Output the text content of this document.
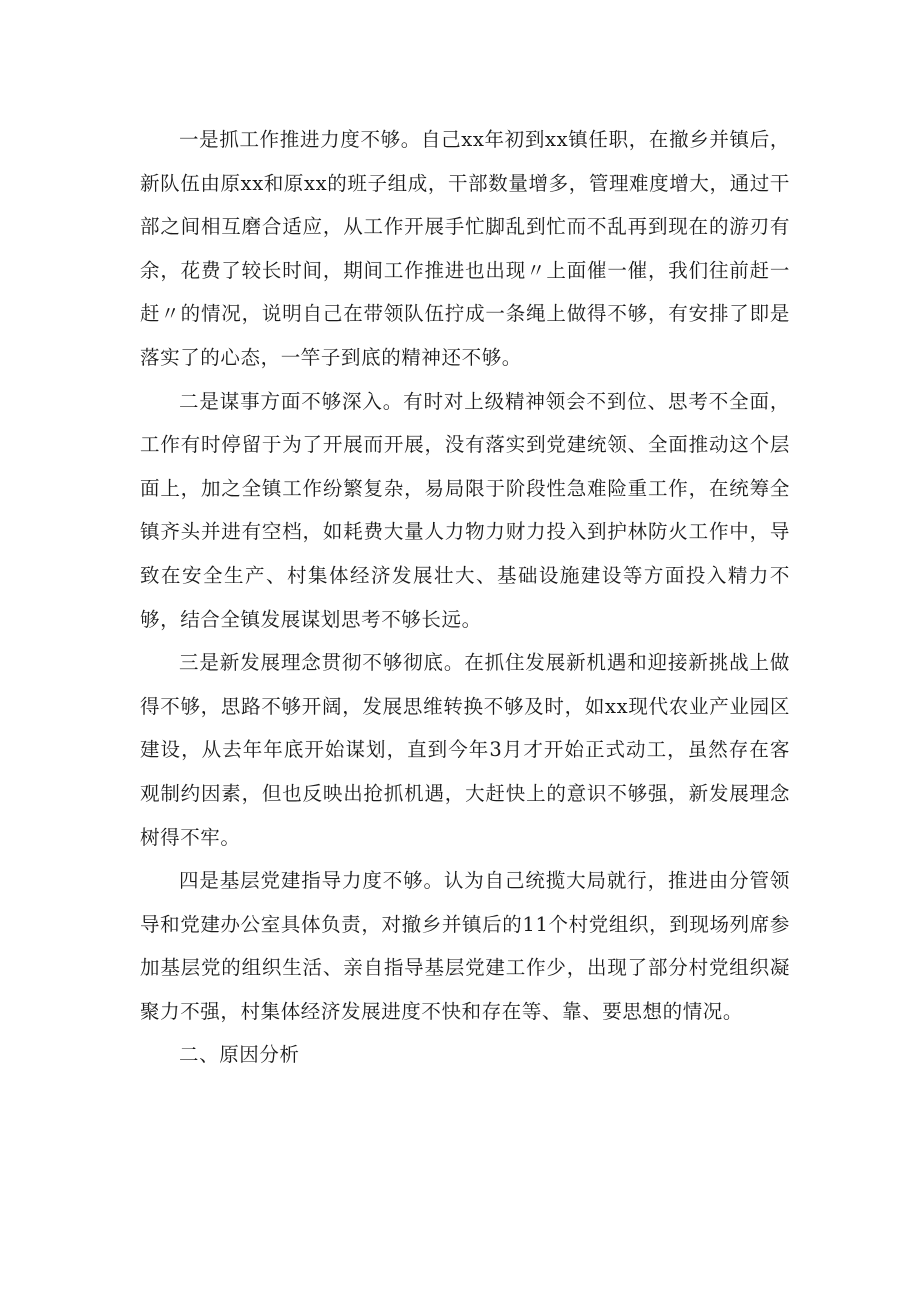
一是抓工作推进力度不够。自己xx年初到xx镇任职，在撤乡并镇后，新队伍由原xx和原xx的班子组成，干部数量增多，管理难度增大，通过干部之间相互磨合适应，从工作开展手忙脚乱到忙而不乱再到现在的游刃有余，花费了较长时间，期间工作推进也出现〃上面催一催，我们往前赶一赶〃的情况，说明自己在带领队伍拧成一条绳上做得不够，有安排了即是落实了的心态，一竿子到底的精神还不够。

二是谋事方面不够深入。有时对上级精神领会不到位、思考不全面，工作有时停留于为了开展而开展，没有落实到党建统领、全面推动这个层面上，加之全镇工作纷繁复杂，易局限于阶段性急难险重工作，在统筹全镇齐头并进有空档，如耗费大量人力物力财力投入到护林防火工作中，导致在安全生产、村集体经济发展壮大、基础设施建设等方面投入精力不够，结合全镇发展谋划思考不够长远。

三是新发展理念贯彻不够彻底。在抓住发展新机遇和迎接新挑战上做得不够，思路不够开阔，发展思维转换不够及时，如xx现代农业产业园区建设，从去年年底开始谋划，直到今年3月才开始正式动工，虽然存在客观制约因素，但也反映出抢抓机遇，大赶快上的意识不够强，新发展理念树得不牢。

四是基层党建指导力度不够。认为自己统揽大局就行，推进由分管领导和党建办公室具体负责，对撤乡并镇后的11个村党组织，到现场列席参加基层党的组织生活、亲自指导基层党建工作少，出现了部分村党组织凝聚力不强，村集体经济发展进度不快和存在等、靠、要思想的情况。

二、原因分析
